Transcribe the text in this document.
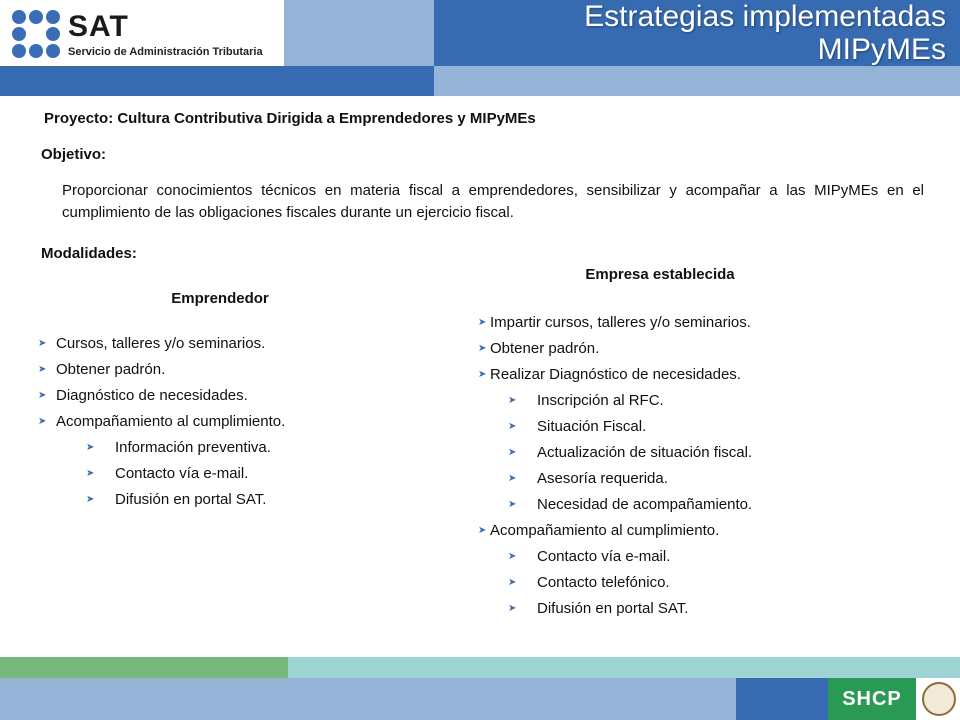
SAT
Servicio de Administración Tributaria
Estrategias implementadas
MIPyMEs
Proyecto: Cultura Contributiva Dirigida a Emprendedores y MIPyMEs
Objetivo:
Proporcionar conocimientos técnicos en materia fiscal a emprendedores, sensibilizar y acompañar a las MIPyMEs en el cumplimiento de las obligaciones fiscales durante un ejercicio fiscal.
Modalidades:
Emprendedor
Empresa establecida
➤ Cursos, talleres y/o seminarios.
➤ Obtener padrón.
➤ Diagnóstico de necesidades.
➤ Acompañamiento al cumplimiento.
➤ Información preventiva.
➤ Contacto vía e-mail.
➤ Difusión en portal SAT.
➤ Impartir cursos, talleres y/o seminarios.
➤ Obtener padrón.
➤ Realizar Diagnóstico de necesidades.
➤ Inscripción al RFC.
➤ Situación Fiscal.
➤ Actualización de situación fiscal.
➤ Asesoría requerida.
➤ Necesidad de acompañamiento.
➤ Acompañamiento al cumplimiento.
➤ Contacto vía e-mail.
➤ Contacto telefónico.
➤ Difusión en portal SAT.
SHCP
